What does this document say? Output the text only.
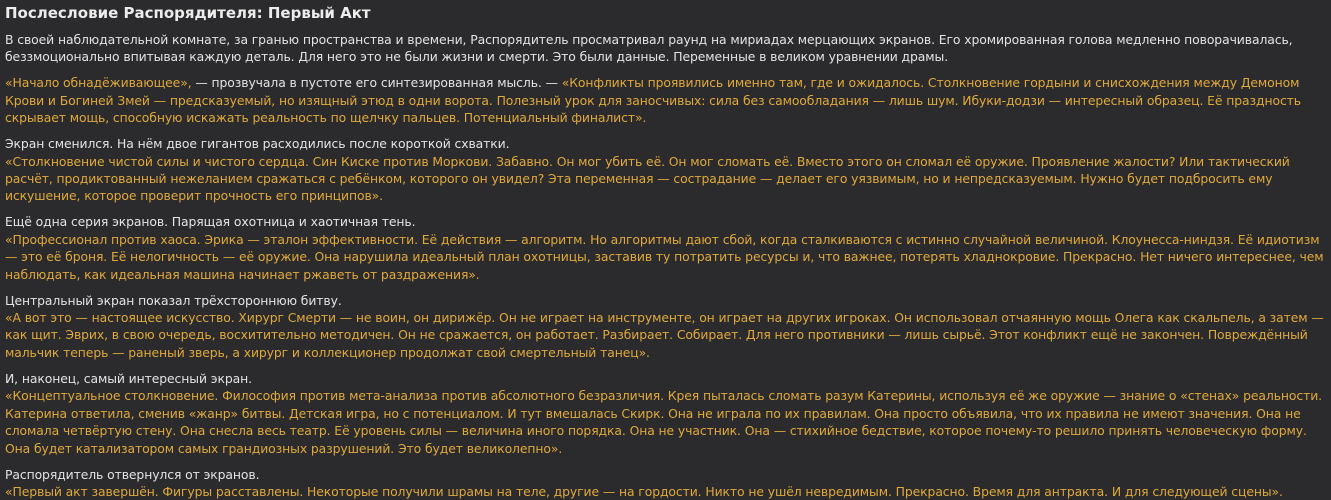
Послесловие Распорядителя: Первый Акт
В своей наблюдательной комнате, за гранью пространства и времени, Распорядитель просматривал раунд на мириадах мерцающих экранов. Его хромированная голова медленно поворачивалась, беззмоционально впитывая каждую деталь. Для него это не были жизни и смерти. Это были данные. Переменные в великом уравнении драмы.
«Начало обнадёживающее», — прозвучала в пустоте его синтезированная мысль. — «Конфликты проявились именно там, где и ожидалось. Столкновение гордыни и снисхождения между Демоном Крови и Богиней Змей — предсказуемый, но изящный этюд в одни ворота. Полезный урок для заносчивых: сила без самообладания — лишь шум. Ибуки-додзи — интересный образец. Её праздность скрывает мощь, способную искажать реальность по щелчку пальцев. Потенциальный финалист».
Экран сменился. На нём двое гигантов расходились после короткой схватки.
«Столкновение чистой силы и чистого сердца. Син Киске против Моркови. Забавно. Он мог убить её. Он мог сломать её. Вместо этого он сломал её оружие. Проявление жалости? Или тактический расчёт, продиктованный нежеланием сражаться с ребёнком, которого он увидел? Эта переменная — сострадание — делает его уязвимым, но и непредсказуемым. Нужно будет подбросить ему искушение, которое проверит прочность его принципов».
Ещё одна серия экранов. Парящая охотница и хаотичная тень.
«Профессионал против хаоса. Эрика — эталон эффективности. Её действия — алгоритм. Но алгоритмы дают сбой, когда сталкиваются с истинно случайной величиной. Клоунесса-ниндзя. Её идиотизм — это её броня. Её нелогичность — её оружие. Она нарушила идеальный план охотницы, заставив ту потратить ресурсы и, что важнее, потерять хладнокровие. Прекрасно. Нет ничего интереснее, чем наблюдать, как идеальная машина начинает ржаветь от раздражения».
Центральный экран показал трёхстороннюю битву.
«А вот это — настоящее искусство. Хирург Смерти — не воин, он дирижёр. Он не играет на инструменте, он играет на других игроках. Он использовал отчаянную мощь Олега как скальпель, а затем — как щит. Эврих, в свою очередь, восхитительно методичен. Он не сражается, он работает. Разбирает. Собирает. Для него противники — лишь сырьё. Этот конфликт ещё не закончен. Повреждённый мальчик теперь — раненый зверь, а хирург и коллекционер продолжат свой смертельный танец».
И, наконец, самый интересный экран.
«Концептуальное столкновение. Философия против мета-анализа против абсолютного безразличия. Крея пыталась сломать разум Катерины, используя её же оружие — знание о «стенах» реальности. Катерина ответила, сменив «жанр» битвы. Детская игра, но с потенциалом. И тут вмешалась Скирк. Она не играла по их правилам. Она просто объявила, что их правила не имеют значения. Она не сломала четвёртую стену. Она снесла весь театр. Её уровень силы — величина иного порядка. Она не участник. Она — стихийное бедствие, которое почему-то решило принять человеческую форму. Она будет катализатором самых грандиозных разрушений. Это будет великолепно».
Распорядитель отвернулся от экранов.
«Первый акт завершён. Фигуры расставлены. Некоторые получили шрамы на теле, другие — на гордости. Никто не ушёл невредимым. Прекрасно. Время для антракта. И для следующей сцены».
